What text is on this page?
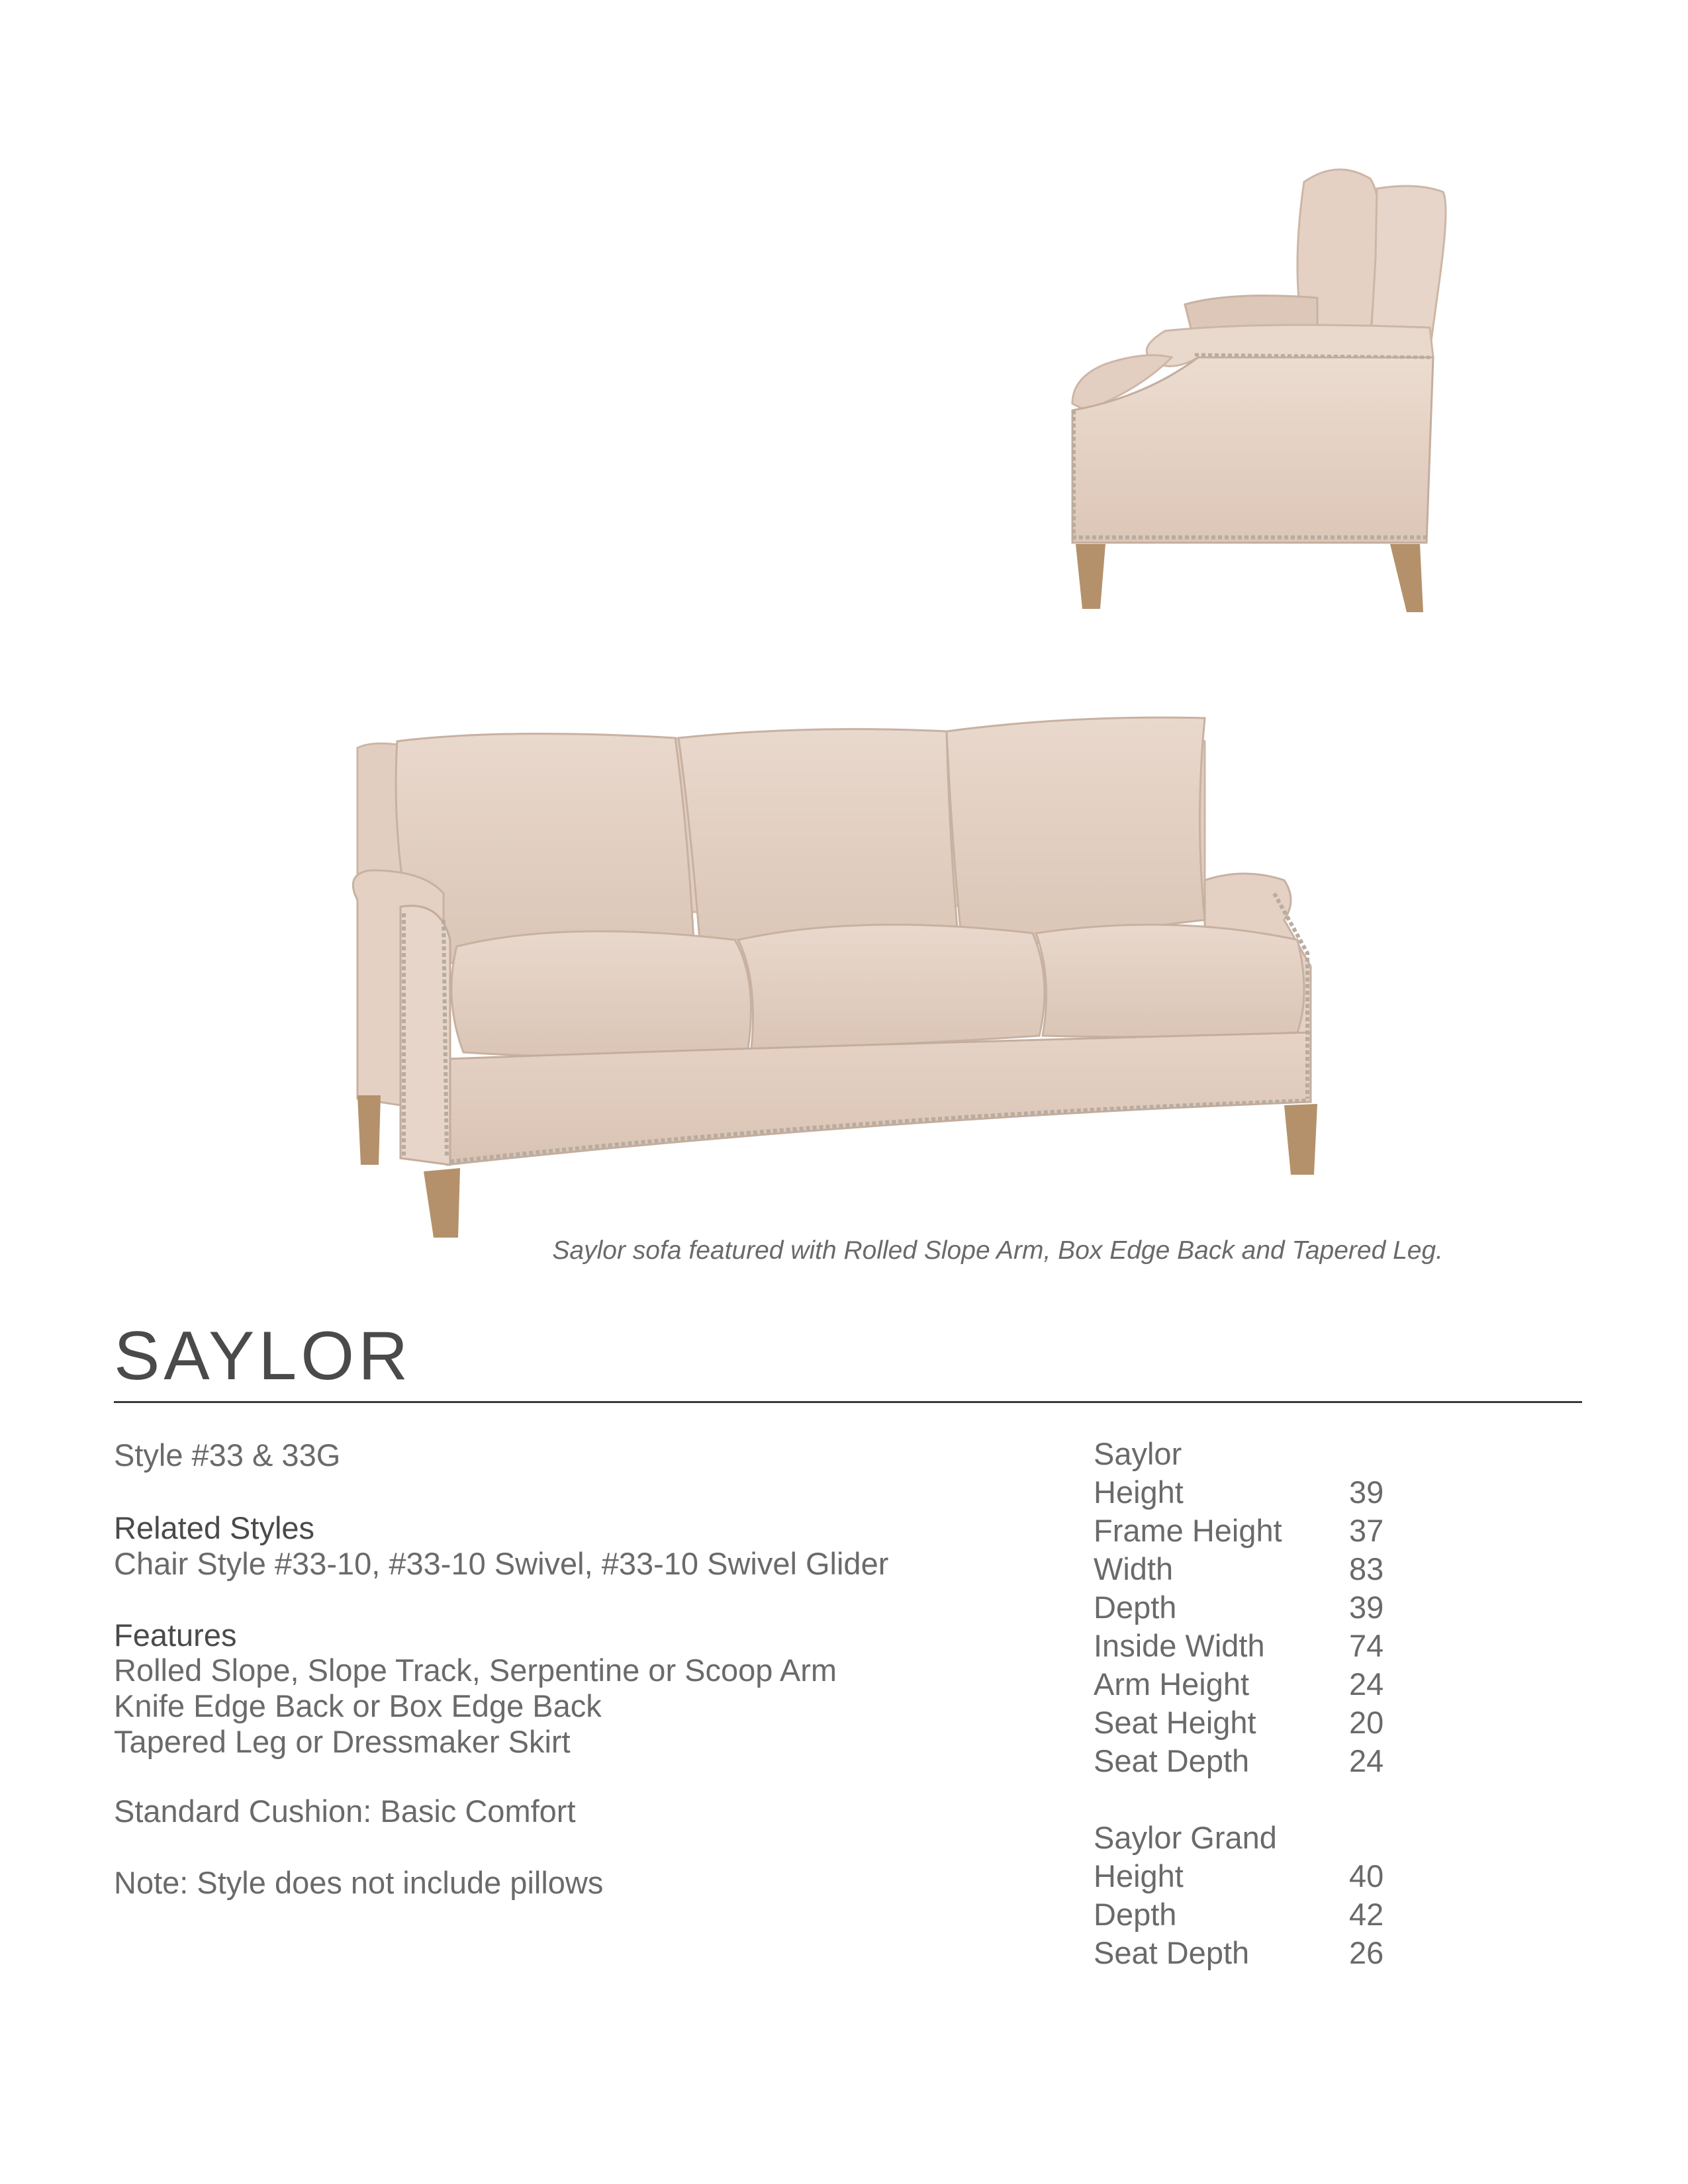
Saylor sofa featured with Rolled Slope Arm, Box Edge Back and Tapered Leg.
SAYLOR
Style #33 & 33G
Related Styles
Chair Style #33-10, #33-10 Swivel, #33-10 Swivel Glider
Features
Rolled Slope, Slope Track, Serpentine or Scoop Arm
Knife Edge Back or Box Edge Back
Tapered Leg or Dressmaker Skirt
Standard Cushion: Basic Comfort
Note: Style does not include pillows
Saylor
Height	39
Frame Height	37
Width	83
Depth	39
Inside Width	74
Arm Height	24
Seat Height	20
Seat Depth	24
Saylor Grand
Height	40
Depth	42
Seat Depth	26
